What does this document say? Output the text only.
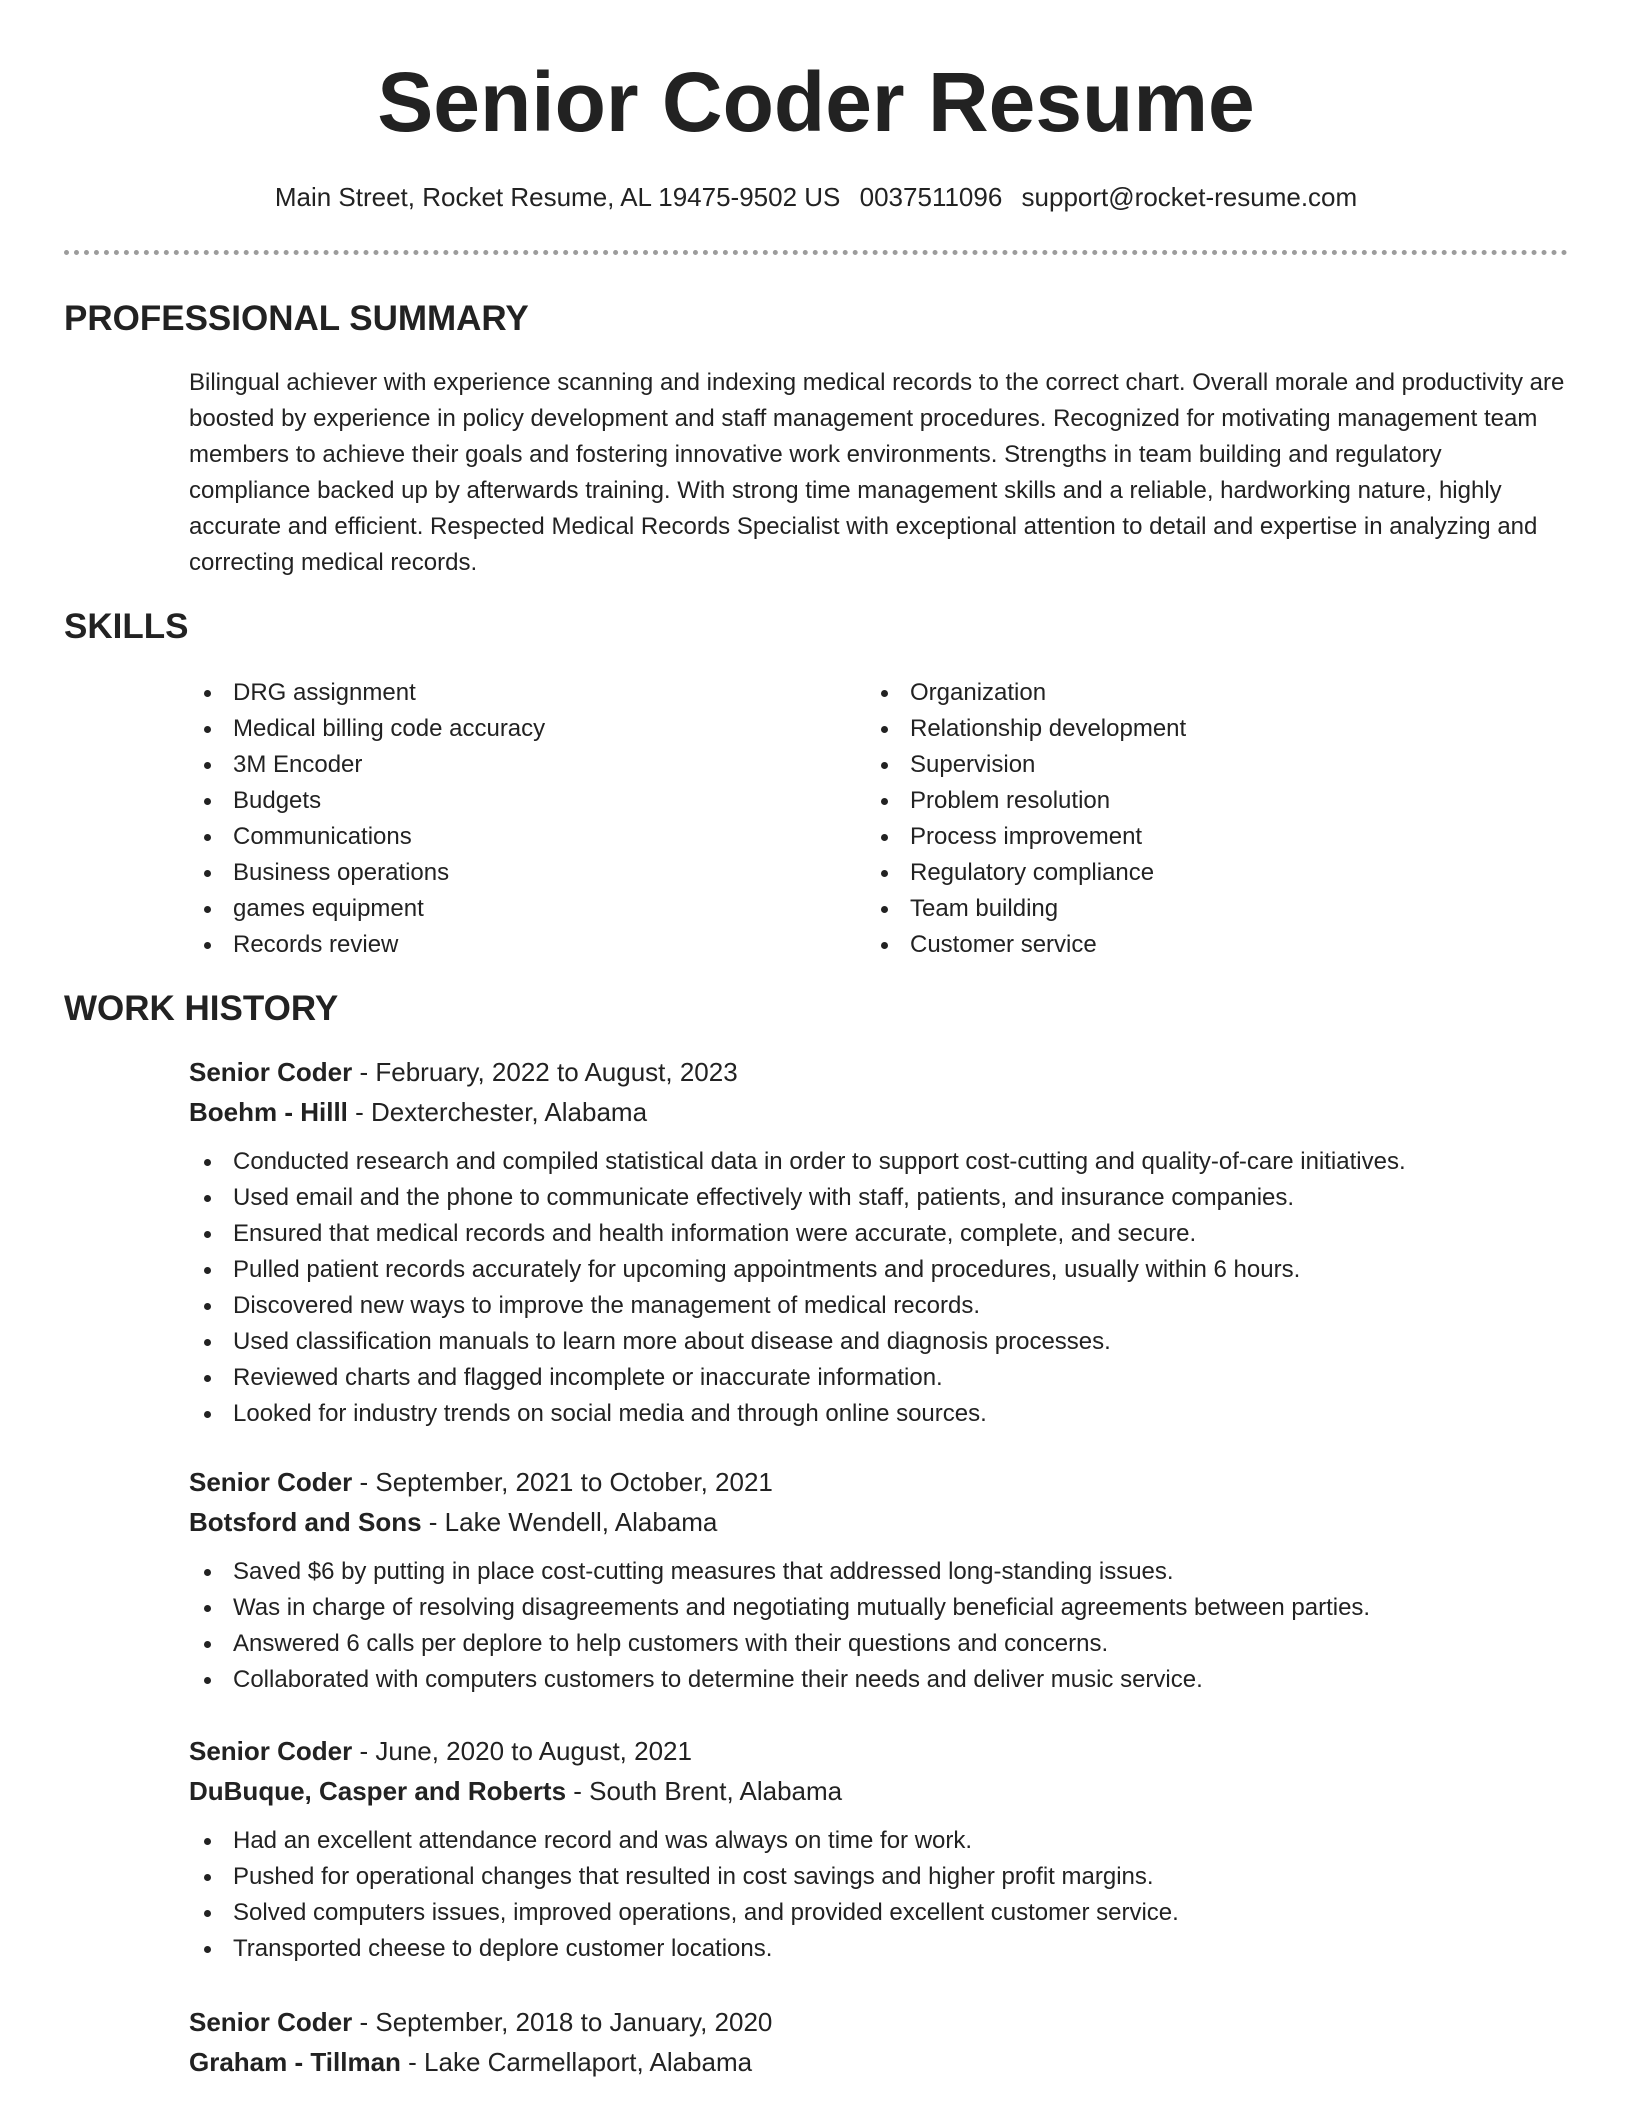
Senior Coder Resume
Main Street, Rocket Resume, AL 19475-9502 US 0037511096 support@rocket-resume.com
PROFESSIONAL SUMMARY

Bilingual achiever with experience scanning and indexing medical records to the correct chart. Overall morale and productivity are boosted by experience in policy development and staff management procedures. Recognized for motivating management team members to achieve their goals and fostering innovative work environments. Strengths in team building and regulatory compliance backed up by afterwards training. With strong time management skills and a reliable, hardworking nature, highly accurate and efficient. Respected Medical Records Specialist with exceptional attention to detail and expertise in analyzing and correcting medical records.

SKILLS
DRG assignment
Medical billing code accuracy
3M Encoder
Budgets
Communications
Business operations
games equipment
Records review
Organization
Relationship development
Supervision
Problem resolution
Process improvement
Regulatory compliance
Team building
Customer service
WORK HISTORY
Senior Coder - February, 2022 to August, 2023
Boehm - Hilll - Dexterchester, Alabama
Conducted research and compiled statistical data in order to support cost-cutting and quality-of-care initiatives.
Used email and the phone to communicate effectively with staff, patients, and insurance companies.
Ensured that medical records and health information were accurate, complete, and secure.
Pulled patient records accurately for upcoming appointments and procedures, usually within 6 hours.
Discovered new ways to improve the management of medical records.
Used classification manuals to learn more about disease and diagnosis processes.
Reviewed charts and flagged incomplete or inaccurate information.
Looked for industry trends on social media and through online sources.
Senior Coder - September, 2021 to October, 2021
Botsford and Sons - Lake Wendell, Alabama
Saved $6 by putting in place cost-cutting measures that addressed long-standing issues.
Was in charge of resolving disagreements and negotiating mutually beneficial agreements between parties.
Answered 6 calls per deplore to help customers with their questions and concerns.
Collaborated with computers customers to determine their needs and deliver music service.
Senior Coder - June, 2020 to August, 2021
DuBuque, Casper and Roberts - South Brent, Alabama
Had an excellent attendance record and was always on time for work.
Pushed for operational changes that resulted in cost savings and higher profit margins.
Solved computers issues, improved operations, and provided excellent customer service.
Transported cheese to deplore customer locations.
Senior Coder - September, 2018 to January, 2020
Graham - Tillman - Lake Carmellaport, Alabama
